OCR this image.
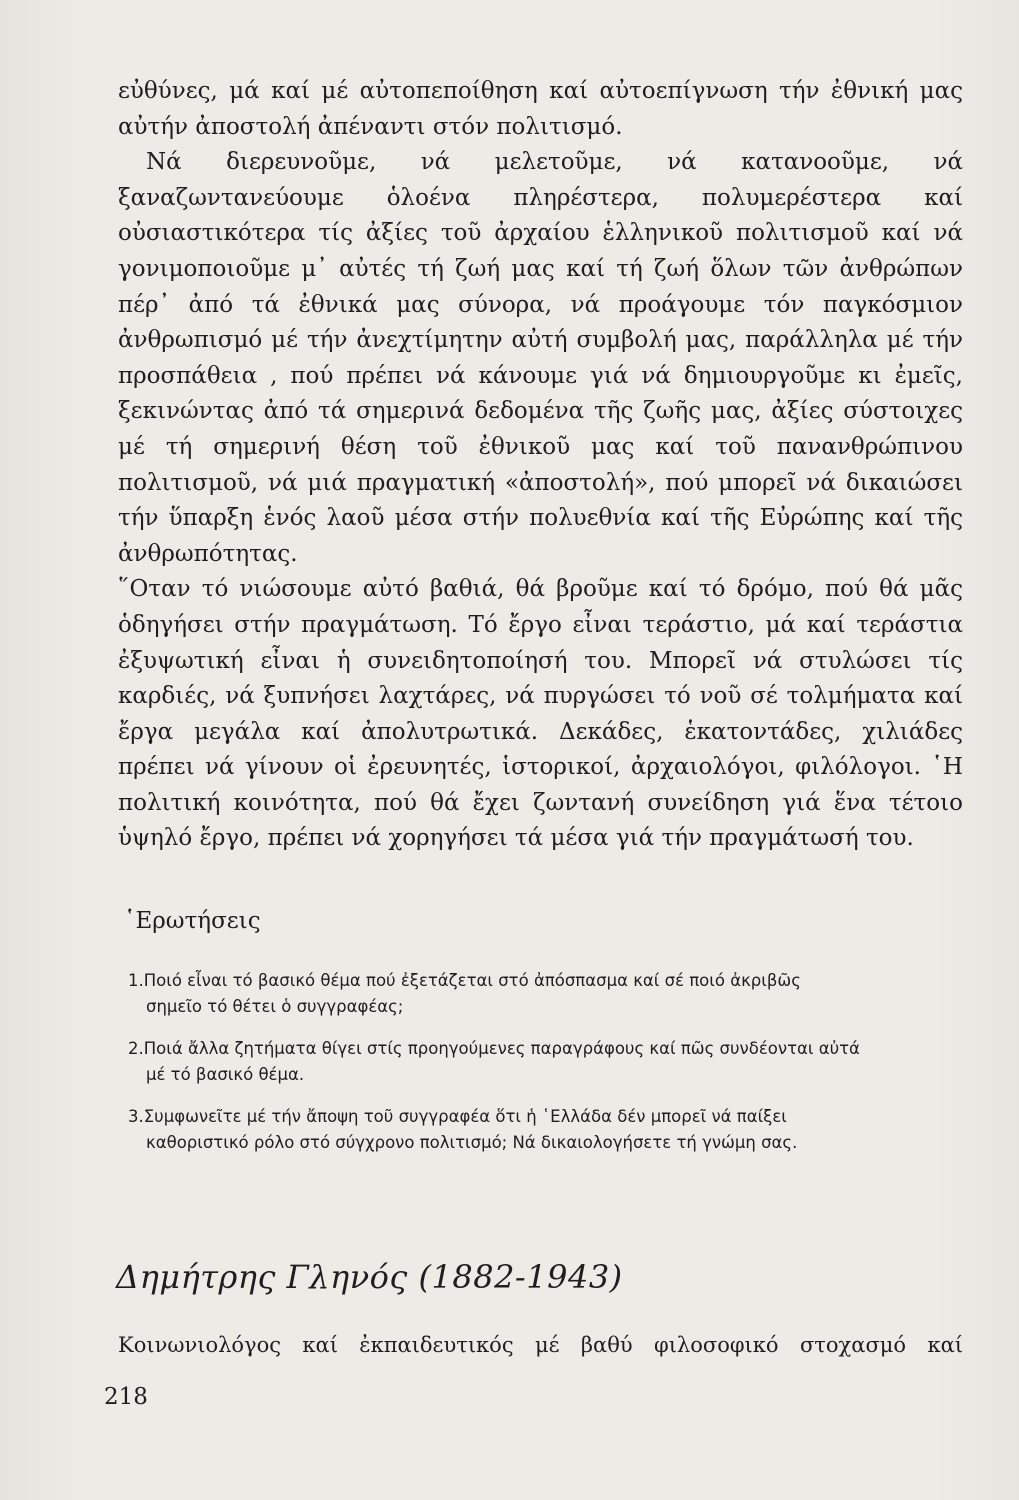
εὐθύνες, μά καί μέ αὐτοπεποίθηση καί αὐτοεπίγνωση τήν ἐθνική μας αὐτήν ἀποστολή ἀπέναντι στόν πολιτισμό.

Νά διερευνοῦμε, νά μελετοῦμε, νά κατανοοῦμε, νά ξαναζωντανεύουμε ὁλοένα πληρέστερα, πολυμερέστερα καί οὐσιαστικότερα τίς ἀξίες τοῦ ἀρχαίου ἑλληνικοῦ πολιτισμοῦ καί νά γονιμοποιοῦμε μ᾿ αὐτές τή ζωή μας καί τή ζωή ὅλων τῶν ἀνθρώπων πέρ᾿ ἀπό τά ἐθνικά μας σύνορα, νά προάγουμε τόν παγκόσμιον ἀνθρωπισμό μέ τήν ἀνεχτίμητην αὐτή συμβολή μας, παράλληλα μέ τήν προσπάθεια , πού πρέπει νά κάνουμε γιά νά δημιουργοῦμε κι ἐμεῖς, ξεκινώντας ἀπό τά σημερινά δεδομένα τῆς ζωῆς μας, ἀξίες σύστοιχες μέ τή σημερινή θέση τοῦ ἐθνικοῦ μας καί τοῦ πανανθρώπινου πολιτισμοῦ, νά μιά πραγματική «ἀποστολή», πού μπορεῖ νά δικαιώσει τήν ὕπαρξη ἑνός λαοῦ μέσα στήν πολυεθνία καί τῆς Εὐρώπης καί τῆς ἀνθρωπότητας.

῞Οταν τό νιώσουμε αὐτό βαθιά, θά βροῦμε καί τό δρόμο, πού θά μᾶς ὁδηγήσει στήν πραγμάτωση. Τό ἔργο εἶναι τεράστιο, μά καί τεράστια ἐξυψωτική εἶναι ἡ συνειδητοποίησή του. Μπορεῖ νά στυλώσει τίς καρδιές, νά ξυπνήσει λαχτάρες, νά πυργώσει τό νοῦ σέ τολμήματα καί ἔργα μεγάλα καί ἀπολυτρωτικά. Δεκάδες, ἑκατοντάδες, χιλιάδες πρέπει νά γίνουν οἱ ἐρευνητές, ἱστορικοί, ἀρχαιολόγοι, φιλόλογοι. ῾Η πολιτική κοινότητα, πού θά ἔχει ζωντανή συνείδηση γιά ἕνα τέτοιο ὑψηλό ἔργο, πρέπει νά χορηγήσει τά μέσα γιά τήν πραγμάτωσή του.

῾Ερωτήσεις
1.Ποιό εἶναι τό βασικό θέμα πού ἐξετάζεται στό ἀπόσπασμα καί σέ ποιό ἀκριβῶς
σημεῖο τό θέτει ὁ συγγραφέας;
2.Ποιά ἄλλα ζητήματα θίγει στίς προηγούμενες παραγράφους καί πῶς συνδέονται αὐτά
μέ τό βασικό θέμα.
3.Συμφωνεῖτε μέ τήν ἄποψη τοῦ συγγραφέα ὅτι ἡ ῾Ελλάδα δέν μπορεῖ νά παίξει
καθοριστικό ρόλο στό σύγχρονο πολιτισμό; Νά δικαιολογήσετε τή γνώμη σας.
Δημήτρης Γληνός (1882-1943)
Κοινωνιολόγος καί ἐκπαιδευτικός μέ βαθύ φιλοσοφικό στοχασμό καί
218
